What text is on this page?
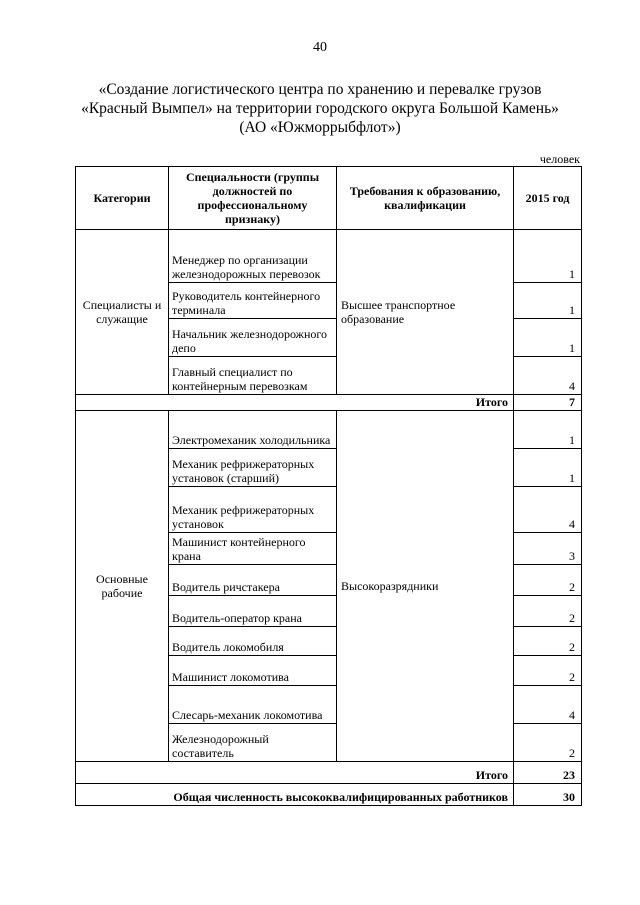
40
«Создание логистического центра по хранению и перевалке грузов
«Красный Вымпел» на территории городского округа Большой Камень»
(АО «Южморрыбфлот»)
человек
Категории	Специальности (группы должностей по профессиональному признаку)	Требования к образованию, квалификации	2015 год
Специалисты и служащие	Менеджер по организации железнодорожных перевозок	Высшее транспортное образование	1
	Руководитель контейнерного терминала		1
	Начальник железнодорожного депо		1
	Главный специалист по контейнерным перевозкам		4
Итого			7
Основные рабочие	Электромеханик холодильника	Высокоразрядники	1
	Механик рефрижераторных установок (старший)		1
	Механик рефрижераторных установок		4
	Машинист контейнерного крана		3
	Водитель ричстакера		2
	Водитель-оператор крана		2
	Водитель локомобиля		2
	Машинист локомотива		2
	Слесарь-механик локомотива		4
	Железнодорожный составитель		2
Итого			23
Общая численность высококвалифицированных работников			30
